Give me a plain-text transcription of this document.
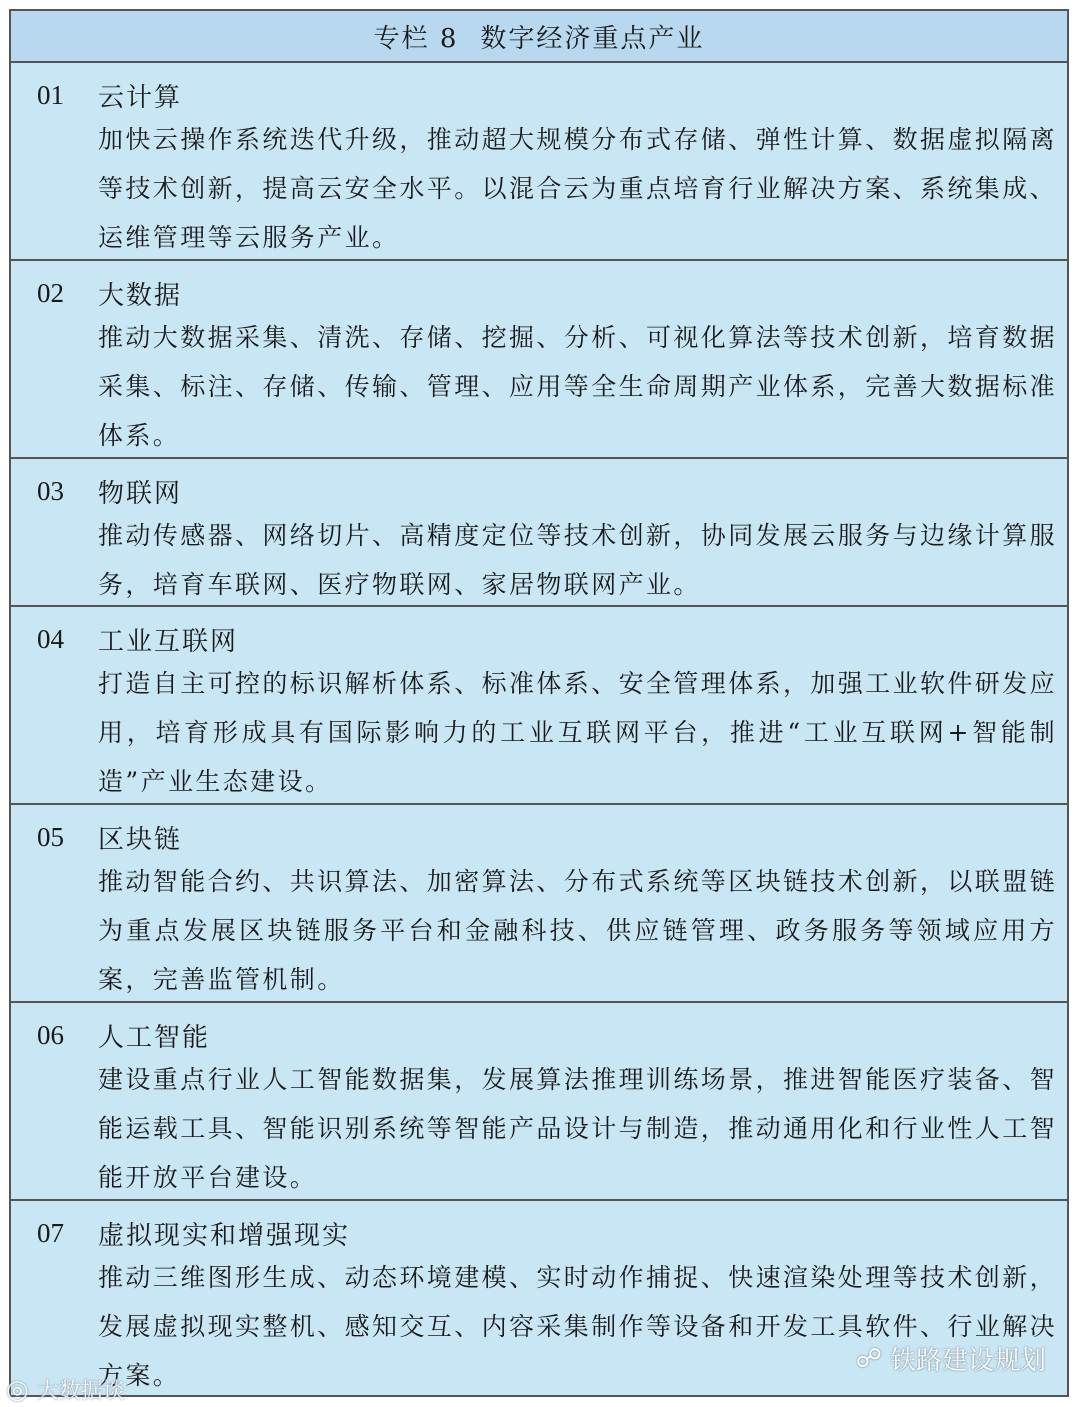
专栏 8 数字经济重点产业
01	云计算
加快云操作系统迭代升级，推动超大规模分布式存储、弹性计算、数据虚拟隔离等技术创新，提高云安全水平。以混合云为重点培育行业解决方案、系统集成、运维管理等云服务产业。
02	大数据
推动大数据采集、清洗、存储、挖掘、分析、可视化算法等技术创新，培育数据采集、标注、存储、传输、管理、应用等全生命周期产业体系，完善大数据标准体系。
03	物联网
推动传感器、网络切片、高精度定位等技术创新，协同发展云服务与边缘计算服务，培育车联网、医疗物联网、家居物联网产业。
04	工业互联网
打造自主可控的标识解析体系、标准体系、安全管理体系，加强工业软件研发应用，培育形成具有国际影响力的工业互联网平台，推进“工业互联网+智能制造”产业生态建设。
05	区块链
推动智能合约、共识算法、加密算法、分布式系统等区块链技术创新，以联盟链为重点发展区块链服务平台和金融科技、供应链管理、政务服务等领域应用方案，完善监管机制。
06	人工智能
建设重点行业人工智能数据集，发展算法推理训练场景，推进智能医疗装备、智能运载工具、智能识别系统等智能产品设计与制造，推动通用化和行业性人工智能开放平台建设。
07	虚拟现实和增强现实
推动三维图形生成、动态环境建模、实时动作捕捉、快速渲染处理等技术创新，发展虚拟现实整机、感知交互、内容采集制作等设备和开发工具软件、行业解决方案。
◎ 大数据谈
☍ 铁路建设规划
